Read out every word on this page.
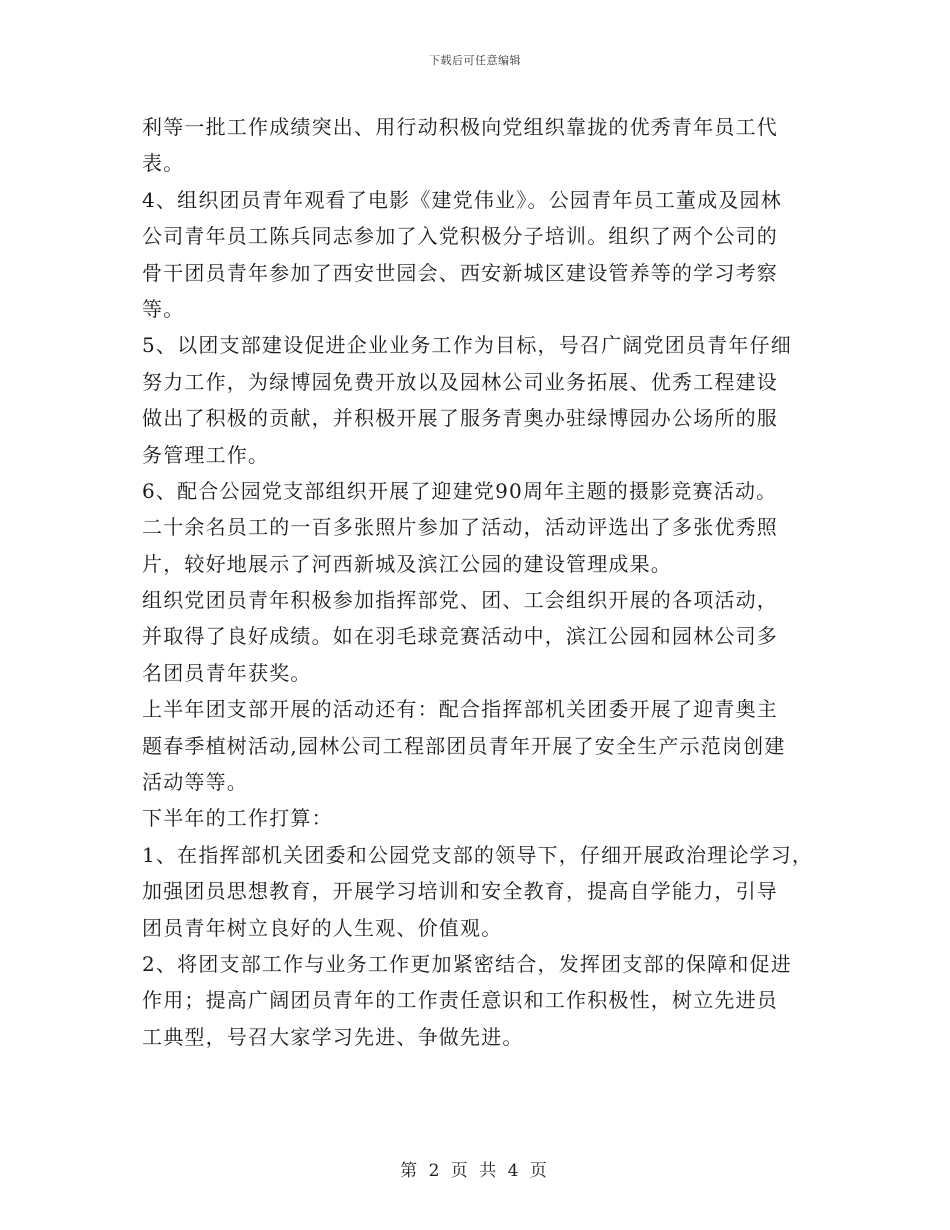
下载后可任意编辑
利等一批工作成绩突出、用行动积极向党组织靠拢的优秀青年员工代
表。
4、组织团员青年观看了电影《建党伟业》。公园青年员工董成及园林
公司青年员工陈兵同志参加了入党积极分子培训。组织了两个公司的
骨干团员青年参加了西安世园会、西安新城区建设管养等的学习考察
等。
5、以团支部建设促进企业业务工作为目标，号召广阔党团员青年仔细
努力工作，为绿博园免费开放以及园林公司业务拓展、优秀工程建设
做出了积极的贡献，并积极开展了服务青奥办驻绿博园办公场所的服
务管理工作。
6、配合公园党支部组织开展了迎建党90周年主题的摄影竞赛活动。
二十余名员工的一百多张照片参加了活动，活动评选出了多张优秀照
片，较好地展示了河西新城及滨江公园的建设管理成果。
组织党团员青年积极参加指挥部党、团、工会组织开展的各项活动，
并取得了良好成绩。如在羽毛球竞赛活动中，滨江公园和园林公司多
名团员青年获奖。
上半年团支部开展的活动还有：配合指挥部机关团委开展了迎青奥主
题春季植树活动,园林公司工程部团员青年开展了安全生产示范岗创建
活动等等。
下半年的工作打算：
1、在指挥部机关团委和公园党支部的领导下，仔细开展政治理论学习，
加强团员思想教育，开展学习培训和安全教育，提高自学能力，引导
团员青年树立良好的人生观、价值观。
2、将团支部工作与业务工作更加紧密结合，发挥团支部的保障和促进
作用；提高广阔团员青年的工作责任意识和工作积极性，树立先进员
工典型，号召大家学习先进、争做先进。
第 2 页 共 4 页
